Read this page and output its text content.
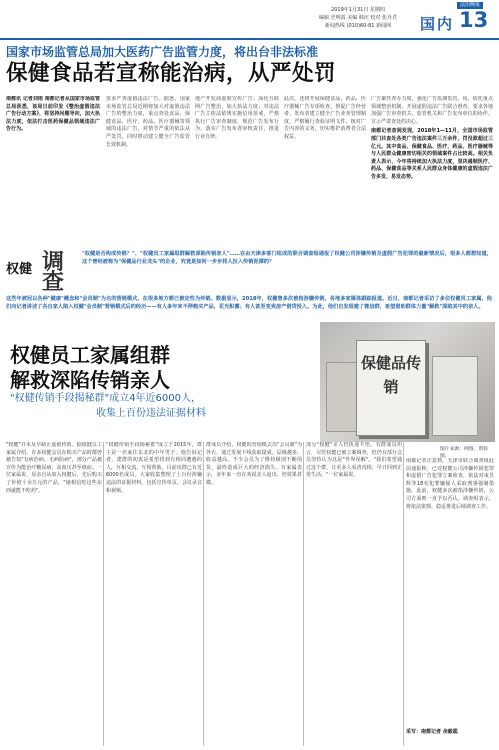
2019年1月31日 星期四
编辑 史明霞 美编 韩庆 校对 张丹君
新闻热线 (010)60-81 新闻网	国内
法治晚报
13
国家市场监管总局加大医药广告监管力度，将出台非法标准
保健食品若宣称能治病，从严处罚
南都讯 记者刘雨 南都记者从国家市场监管总局获悉，该局日前印发《整治虚假违法广告行动方案》，将坚持问题导向，加大执法力度，依法打击医药保健品领域违法广告行为。
要求严查虚假违法广告。据悉，国家市场监管总局近期将加大对虚假违法广告的整治力度，重点查处食品、保健食品、医疗、药品、医疗器械等领域的违法广告，对情节严重的依法从严处罚，同时推动建立健全广告监管长效机制。
地产开发商虚假宣传广告；深化互联网广告整治，加大执法力度；对违法广告主依法依规实施信用惩戒，严格执行广告审查制度，规范广告发布行为，落实广告发布者审核责任，推进行业自律。
此次，还将开展保健食品、药品、医疗器械广告专项检查，督促广告经营者、发布者建立健全广告业务管理制度，严格履行查验证明文件、核对广告内容的义务，切实维护消费者合法权益。
广告案件查办力度，强化广告监测监管。用、依托重点领域整治机制，开展虚假违法广告联合督查，要求各地加强广告审查机关、监管机关和广告发布单位的协作。宣示严肃查处的决心。
南都记者查阅发现，2018年1—11月，全国市场监管部门共查处各类广告违法案件三万余件，罚没款超过三亿元。其中食品、保健食品、医疗、药品、医疗器械等与人民群众健康密切相关的领域案件占比较高。相关负责人表示，今年将持续加大执法力度，坚决遏制医疗、药品、保健食品等关系人民群众身体健康的虚假违法广告多发、易发态势。
权健 调查
"权健是否构成传销？"、"权健员工家属组群解救深陷传销亲人"……在由天津多部门组成的联合调查组通报了权健公司涉嫌传销及虚假广告犯罪的最新情况后，很多人都想知道，这个曾经被称为"保健品行业龙头"的企业，究竟是如何一步步将人拉入传销泥潭的？
这些年被冠以各种"健康"概念和"会员制"为名的营销模式，在很多地方都已被定性为传销。数据显示，2018年，权健曾多次被指涉嫌传销，各地多家媒体跟踪报道。近日，南都记者采访了多位权健员工家属，他们向记者讲述了各自家人陷入权健"会员制"营销模式后的经历——有人多年来不停购买产品，花光积蓄；有人甚至变卖房产借贷投入。为此，他们自发组建了微信群，希望借助群体力量"解救"深陷其中的亲人。
权健员工家属组群
解救深陷传销亲人
"权健传销手段揭秘群"成立4年近6000人，
收集上百份违法证据材料
保健品传销
图片来源：网络。资料图。
"权健"并未及早制止虚假传销。据权健员工家属介绍，许多权健会员在购买产品时都曾被告知"有病治病、无病防病"，部分产品被宣传为能治疗糖尿病、高血压甚至癌症。一位家属说，母亲自从加入权健后，先后购买了价值十余万元的产品，"她相信吃这些东西就能不吃药"。
"权健传销手段揭秘群"成立于2015年，群主是一名家住东北的中年男子。他告诉记者，建群的初衷是希望找到有相同遭遇的人，互相交流、互相帮助。目前该群已有近6000名成员，大家收集整理了上百份涉嫌违法的证据材料，包括宣传单页、会议录音和视频。
群成员介绍，权健的营销模式以"会员制"为外衣，通过发展下线获取提成，层级越多，收益越高。不少会员为了维持级别不断囤货，最终造成巨大的经济损失。有家属表示，多年来一直在劝说亲人退出，但效果甚微。
部分"权健"亲人仍执迷不悟。有群成员坦言，尽管权健已被立案调查，但仍有部分会员坚持认为这是"外界误解"。"我们希望通过这个群，让更多人看清真相，早日回到正常生活。"一位家属说。
南都记者注意到，天津市联合调查组此前通报称，已对权健公司涉嫌传销犯罪和虚假广告犯罪立案侦查，依法对束昱辉等18名犯罪嫌疑人采取刑事强制措施。此前，权健多次被指涉嫌传销，公司方面则一直予以否认。调查组表示，将依法依规、稳妥推进后续调查工作。
采写：南都记者 余毅聪
